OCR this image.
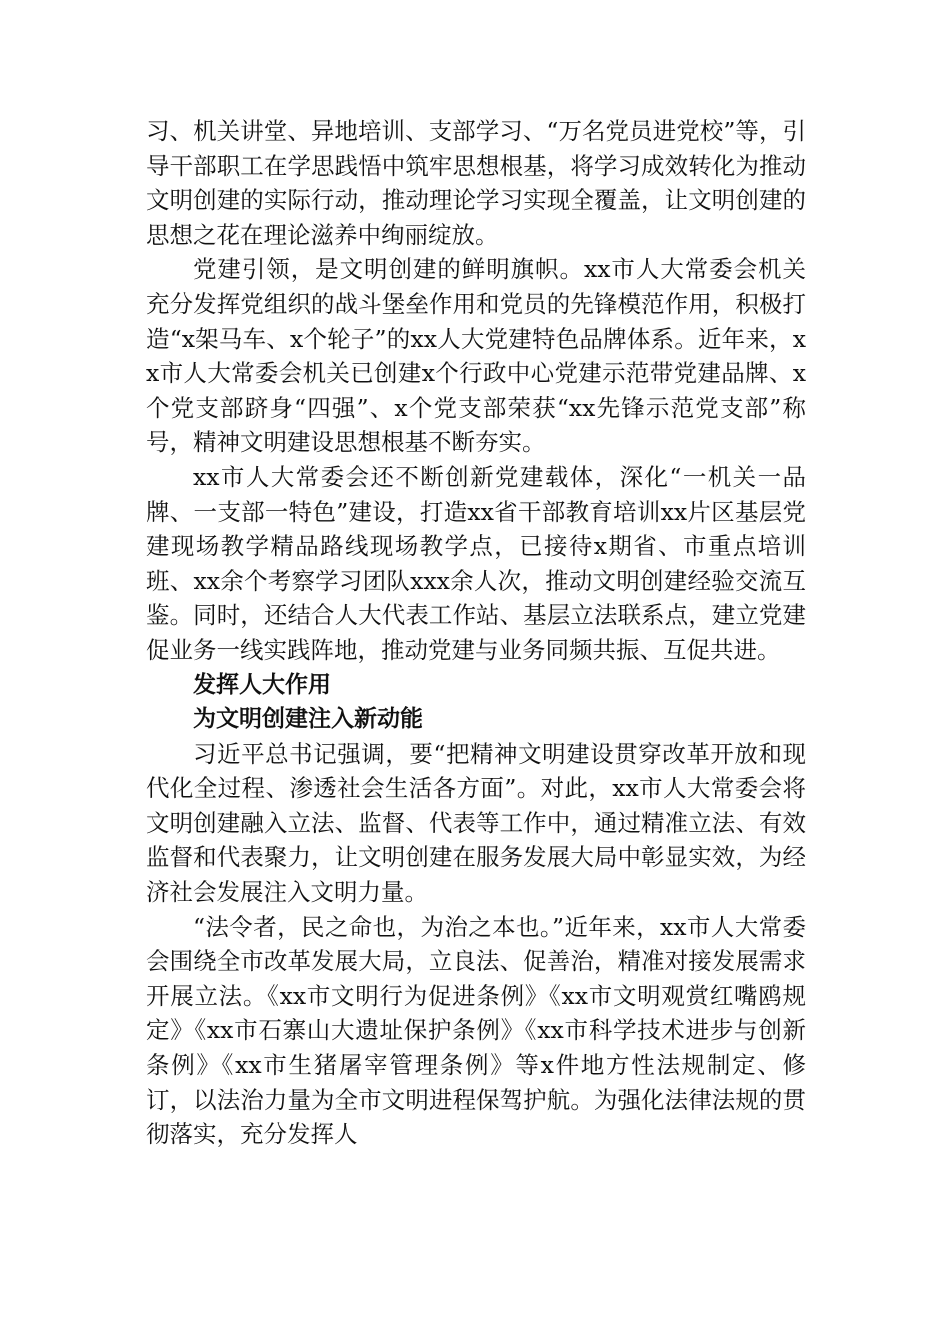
习、机关讲堂、异地培训、支部学习、“万名党员进党校”等，引导干部职工在学思践悟中筑牢思想根基，将学习成效转化为推动文明创建的实际行动，推动理论学习实现全覆盖，让文明创建的思想之花在理论滋养中绚丽绽放。

党建引领，是文明创建的鲜明旗帜。xx市人大常委会机关充分发挥党组织的战斗堡垒作用和党员的先锋模范作用，积极打造“x架马车、x个轮子”的xx人大党建特色品牌体系。近年来，xx市人大常委会机关已创建x个行政中心党建示范带党建品牌、x个党支部跻身“四强”、x个党支部荣获“xx先锋示范党支部”称号，精神文明建设思想根基不断夯实。

xx市人大常委会还不断创新党建载体，深化“一机关一品牌、一支部一特色”建设，打造xx省干部教育培训xx片区基层党建现场教学精品路线现场教学点，已接待x期省、市重点培训班、xx余个考察学习团队xxx余人次，推动文明创建经验交流互鉴。同时，还结合人大代表工作站、基层立法联系点，建立党建促业务一线实践阵地，推动党建与业务同频共振、互促共进。

发挥人大作用

为文明创建注入新动能

习近平总书记强调，要“把精神文明建设贯穿改革开放和现代化全过程、渗透社会生活各方面”。对此，xx市人大常委会将文明创建融入立法、监督、代表等工作中，通过精准立法、有效监督和代表聚力，让文明创建在服务发展大局中彰显实效，为经济社会发展注入文明力量。

“法令者，民之命也，为治之本也。”近年来，xx市人大常委会围绕全市改革发展大局，立良法、促善治，精准对接发展需求开展立法。《xx市文明行为促进条例》《xx市文明观赏红嘴鸥规定》《xx市石寨山大遗址保护条例》《xx市科学技术进步与创新条例》《xx市生猪屠宰管理条例》等x件地方性法规制定、修订，以法治力量为全市文明进程保驾护航。为强化法律法规的贯彻落实，充分发挥人
